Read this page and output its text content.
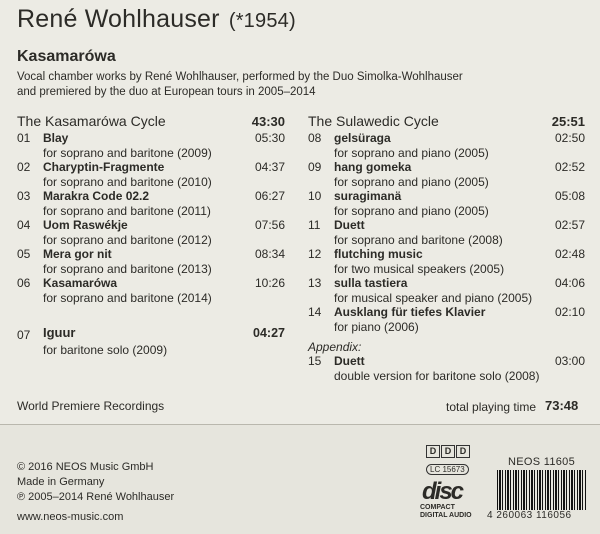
René Wohlhauser (*1954)
Kasamarówa
Vocal chamber works by René Wohlhauser, performed by the Duo Simolka-Wohlhauser
and premiered by the duo at European tours in 2005–2014
The Kasamarówa Cycle	43:30
01 Blay	05:30
for soprano and baritone (2009)
02 Charyptin-Fragmente	04:37
for soprano and baritone (2010)
03 Marakra Code 02.2	06:27
for soprano and baritone (2011)
04 Uom Raswékje	07:56
for soprano and baritone (2012)
05 Mera gor nit	08:34
for soprano and baritone (2013)
06 Kasamarówa	10:26
for soprano and baritone (2014)
07 Iguur	04:27
for baritone solo (2009)
The Sulawedic Cycle	25:51
08 gelsüraga	02:50
for soprano and piano (2005)
09 hang gomeka	02:52
for soprano and piano (2005)
10 suragimanä	05:08
for soprano and piano (2005)
11 Duett	02:57
for soprano and baritone (2008)
12 flutching music	02:48
for two musical speakers (2005)
13 sulla tastiera	04:06
for musical speaker and piano (2005)
14 Ausklang für tiefes Klavier	02:10
for piano (2006)
Appendix:
15 Duett	03:00
double version for baritone solo (2008)
World Premiere Recordings	total playing time 73:48
© 2016 NEOS Music GmbH
Made in Germany
℗ 2005–2014 René Wohlhauser
www.neos-music.com
D D D
LC 15673
disc
COMPACT
DIGITAL AUDIO
NEOS 11605
4 260063 116056
